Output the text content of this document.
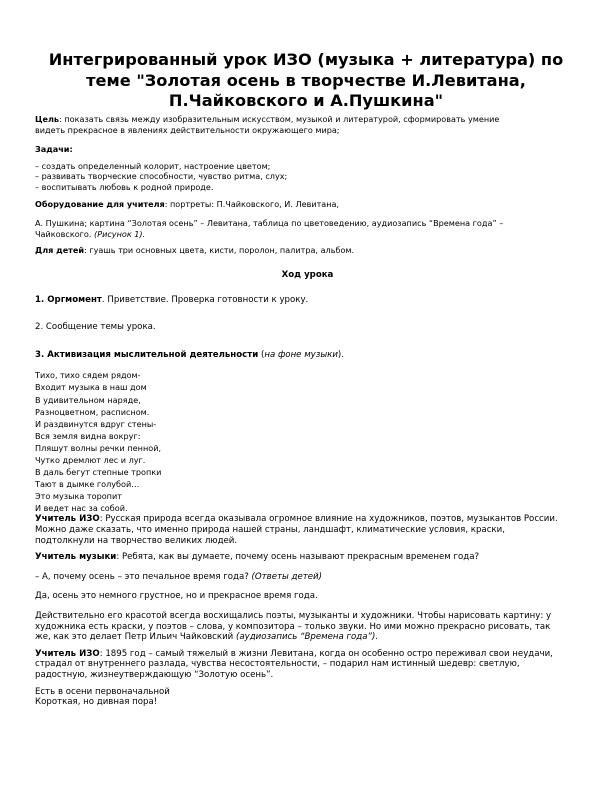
Интегрированный урок ИЗО (музыка + литература) по
теме "Золотая осень в творчестве И.Левитана,
П.Чайковского и А.Пушкина"
Цель: показать связь между изобразительным искусством, музыкой и литературой, сформировать умение
видеть прекрасное в явлениях действительности окружающего мира;
Задачи:
– создать определенный колорит, настроение цветом;
– развивать творческие способности, чувство ритма, слух;
– воспитывать любовь к родной природе.
Оборудование для учителя: портреты: П.Чайковского, И. Левитана,
А. Пушкина; картина “Золотая осень” – Левитана, таблица по цветоведению, аудиозапись “Времена года” –
Чайковского. (Рисунок 1).
Для детей: гуашь три основных цвета, кисти, поролон, палитра, альбом.
Ход урока
1. Оргмомент. Приветствие. Проверка готовности к уроку.
2. Сообщение темы урока.
3. Активизация мыслительной деятельности (на фоне музыки).
Тихо, тихо сядем рядом-
Входит музыка в наш дом
В удивительном наряде,
Разноцветном, расписном.
И раздвинутся вдруг стены-
Вся земля видна вокруг:
Пляшут волны речки пенной,
Чутко дремлют лес и луг.
В даль бегут степные тропки
Тают в дымке голубой…
Это музыка торопит
И ведет нас за собой.
Учитель ИЗО: Русская природа всегда оказывала огромное влияние на художников, поэтов, музыкантов России.
Можно даже сказать, что именно природа нашей страны, ландшафт, климатические условия, краски,
подтолкнули на творчество великих людей.
Учитель музыки: Ребята, как вы думаете, почему осень называют прекрасным временем года?
– А, почему осень – это печальное время года? (Ответы детей)
Да, осень это немного грустное, но и прекрасное время года.
Действительно его красотой всегда восхищались поэты, музыканты и художники. Чтобы нарисовать картину: у
художника есть краски, у поэтов – слова, у композитора – только звуки. Но ими можно прекрасно рисовать, так
же, как это делает Петр Ильич Чайковский (аудиозапись “Времена года”).
Учитель ИЗО: 1895 год – самый тяжелый в жизни Левитана, когда он особенно остро переживал свои неудачи,
страдал от внутреннего разлада, чувства несостоятельности, – подарил нам истинный шедевр: светлую,
радостную, жизнеутверждающую “Золотую осень”.
Есть в осени первоначальной
Короткая, но дивная пора!
